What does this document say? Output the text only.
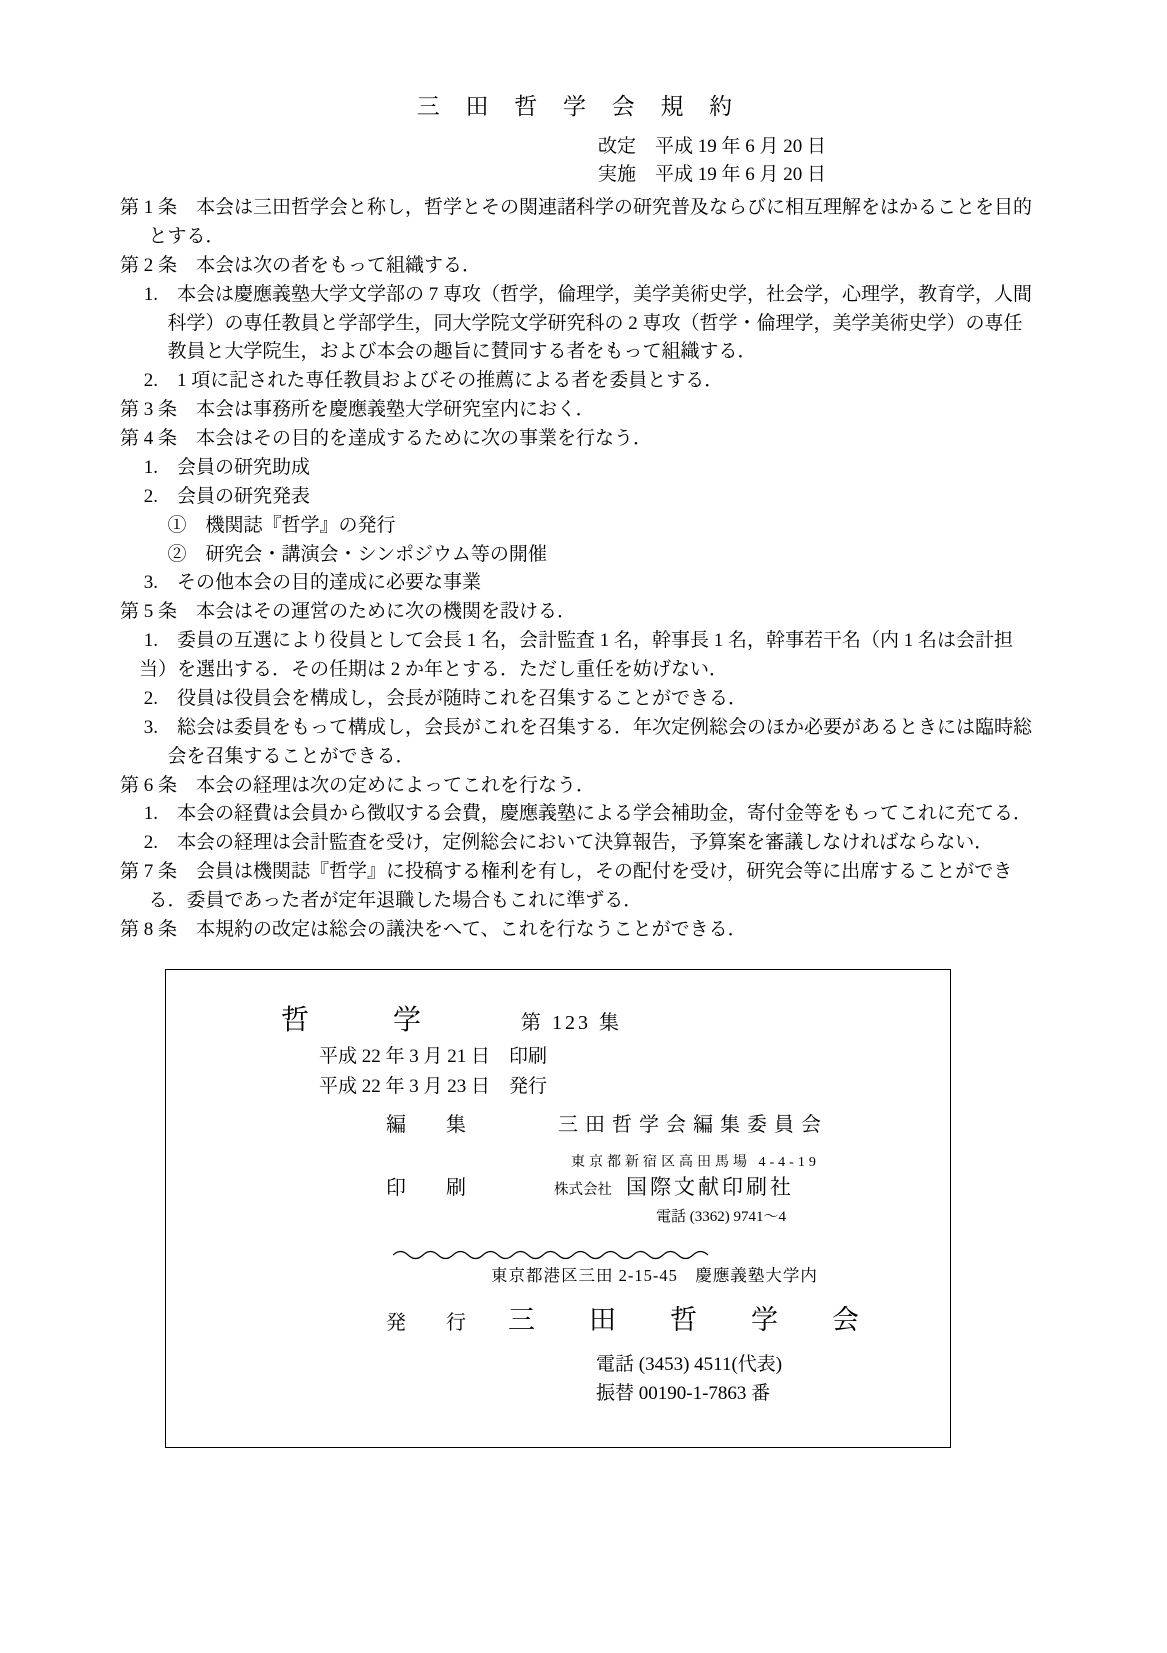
三 田 哲 学 会 規 約
改定　平成 19 年 6 月 20 日
実施　平成 19 年 6 月 20 日

第 1 条　本会は三田哲学会と称し，哲学とその関連諸科学の研究普及ならびに相互理解をはかることを目的とする．

第 2 条　本会は次の者をもって組織する．

1.　本会は慶應義塾大学文学部の 7 専攻（哲学，倫理学，美学美術史学，社会学，心理学，教育学，人間科学）の専任教員と学部学生，同大学院文学研究科の 2 専攻（哲学・倫理学，美学美術史学）の専任教員と大学院生，および本会の趣旨に賛同する者をもって組織する．

2.　1 項に記された専任教員およびその推薦による者を委員とする．

第 3 条　本会は事務所を慶應義塾大学研究室内におく．

第 4 条　本会はその目的を達成するために次の事業を行なう．

1.　会員の研究助成

2.　会員の研究発表

①　機関誌『哲学』の発行

②　研究会・講演会・シンポジウム等の開催

3.　その他本会の目的達成に必要な事業

第 5 条　本会はその運営のために次の機関を設ける．

1.　委員の互選により役員として会長 1 名，会計監査 1 名，幹事長 1 名，幹事若干名（内 1 名は会計担当）を選出する．その任期は 2 か年とする．ただし重任を妨げない．

2.　役員は役員会を構成し，会長が随時これを召集することができる．

3.　総会は委員をもって構成し，会長がこれを召集する．年次定例総会のほか必要があるときには臨時総会を召集することができる．

第 6 条　本会の経理は次の定めによってこれを行なう．

1.　本会の経費は会員から徴収する会費，慶應義塾による学会補助金，寄付金等をもってこれに充てる．

2.　本会の経理は会計監査を受け，定例総会において決算報告，予算案を審議しなければならない．

第 7 条　会員は機関誌『哲学』に投稿する権利を有し，その配付を受け，研究会等に出席することができる．委員であった者が定年退職した場合もこれに準ずる．

第 8 条　本規約の改定は総会の議決をへて、これを行なうことができる．

哲　　　学	第 123 集
平成 22 年 3 月 21 日　印刷
平成 22 年 3 月 23 日　発行
編　　集	三田哲学会編集委員会
東京都新宿区高田馬場 4-4-19
印　　刷	株式会社 国際文献印刷社
電話 (3362) 9741～4
東京都港区三田 2-15-45　慶應義塾大学内
発　　行 三田哲学会
電話 (3453) 4511(代表)
振替 00190-1-7863 番
